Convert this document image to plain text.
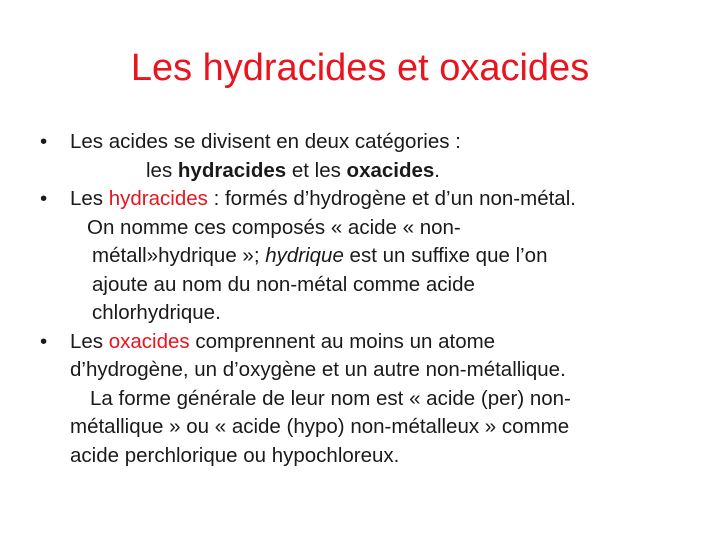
Les hydracides et oxacides

•	Les acides se divisent en deux catégories :

les hydracides et les oxacides.

•	Les hydracides : formés d’hydrogène et d’un non-métal.

On nomme ces composés « acide « non-

métall»hydrique »; hydrique est un suffixe que l’on

ajoute au nom du non-métal comme acide

chlorhydrique.

•	Les oxacides comprennent au moins un atome

d’hydrogène, un d’oxygène et un autre non-métallique.

La forme générale de leur nom est « acide (per) non-

métallique » ou « acide (hypo) non-métalleux » comme

acide perchlorique ou hypochloreux.
